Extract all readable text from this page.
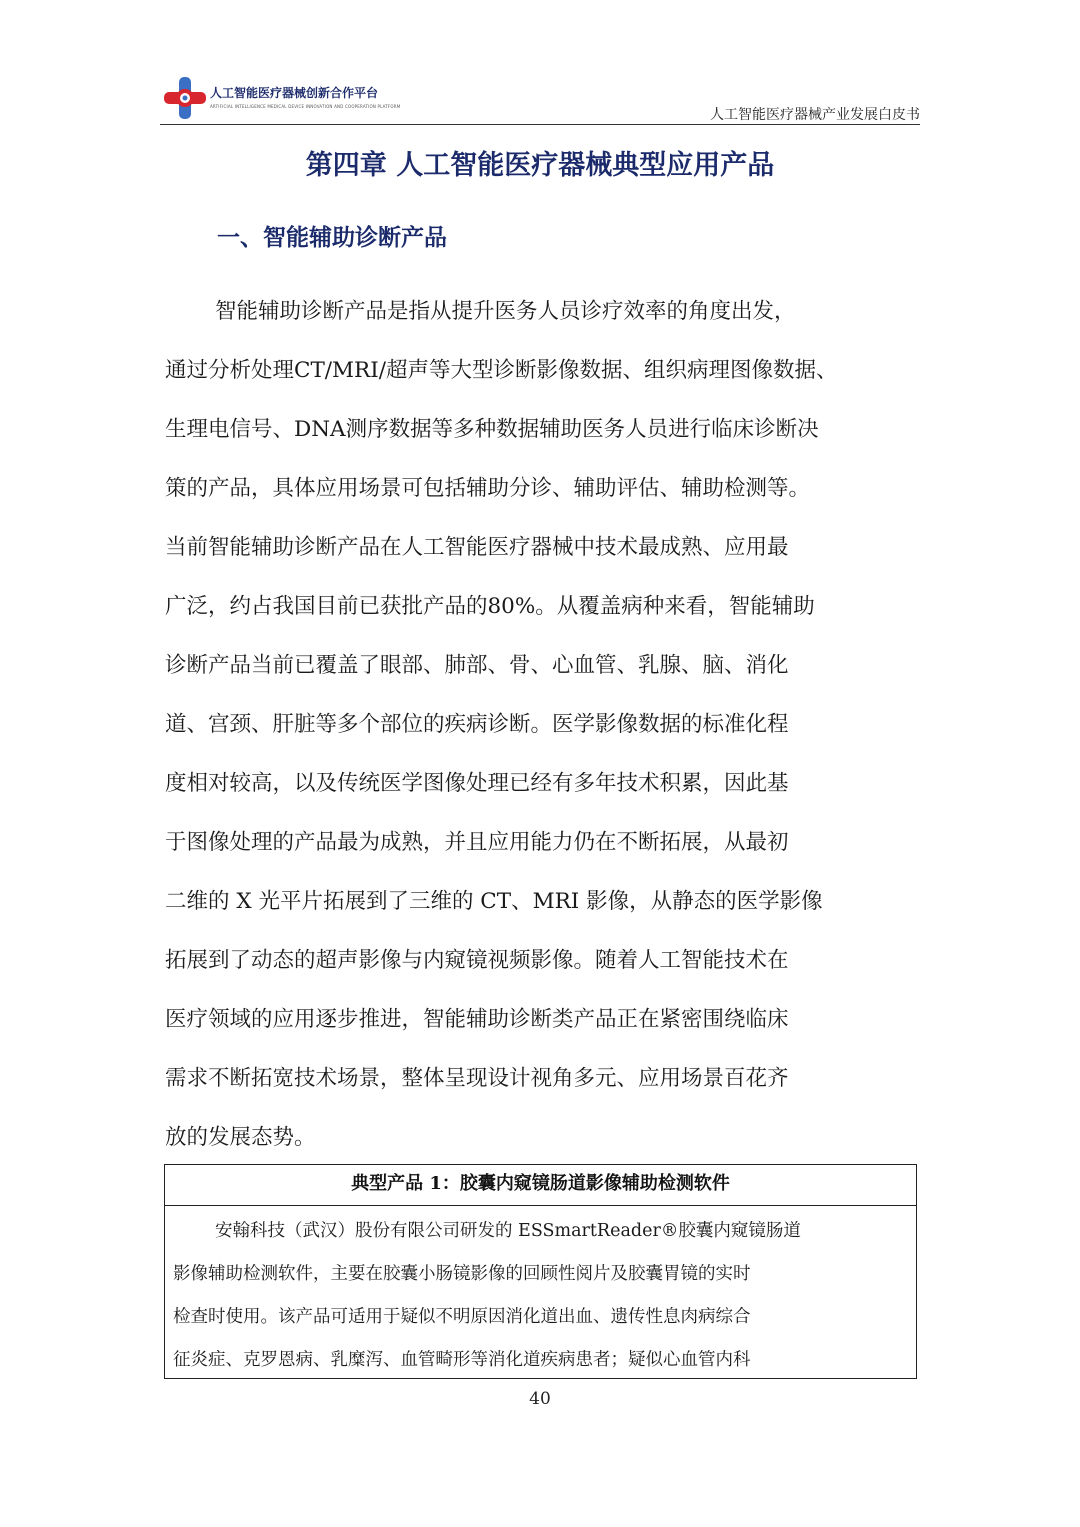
人工智能医疗器械创新合作平台
ARTIFICIAL INTELLIGENCE MEDICAL DEVICE INNOVATION AND COOPERATION PLATFORM
人工智能医疗器械产业发展白皮书
第四章 人工智能医疗器械典型应用产品
一、智能辅助诊断产品
智能辅助诊断产品是指从提升医务人员诊疗效率的角度出发，
通过分析处理CT/MRI/超声等大型诊断影像数据、组织病理图像数据、
生理电信号、DNA测序数据等多种数据辅助医务人员进行临床诊断决
策的产品，具体应用场景可包括辅助分诊、辅助评估、辅助检测等。
当前智能辅助诊断产品在人工智能医疗器械中技术最成熟、应用最
广泛，约占我国目前已获批产品的80%。从覆盖病种来看，智能辅助
诊断产品当前已覆盖了眼部、肺部、骨、心血管、乳腺、脑、消化
道、宫颈、肝脏等多个部位的疾病诊断。医学影像数据的标准化程
度相对较高，以及传统医学图像处理已经有多年技术积累，因此基
于图像处理的产品最为成熟，并且应用能力仍在不断拓展，从最初
二维的 X 光平片拓展到了三维的 CT、MRI 影像，从静态的医学影像
拓展到了动态的超声影像与内窥镜视频影像。随着人工智能技术在
医疗领域的应用逐步推进，智能辅助诊断类产品正在紧密围绕临床
需求不断拓宽技术场景，整体呈现设计视角多元、应用场景百花齐
放的发展态势。
典型产品 1：胶囊内窥镜肠道影像辅助检测软件
安翰科技（武汉）股份有限公司研发的 ESSmartReader®胶囊内窥镜肠道
影像辅助检测软件，主要在胶囊小肠镜影像的回顾性阅片及胶囊胃镜的实时
检查时使用。该产品可适用于疑似不明原因消化道出血、遗传性息肉病综合
征炎症、克罗恩病、乳糜泻、血管畸形等消化道疾病患者；疑似心血管内科
40
